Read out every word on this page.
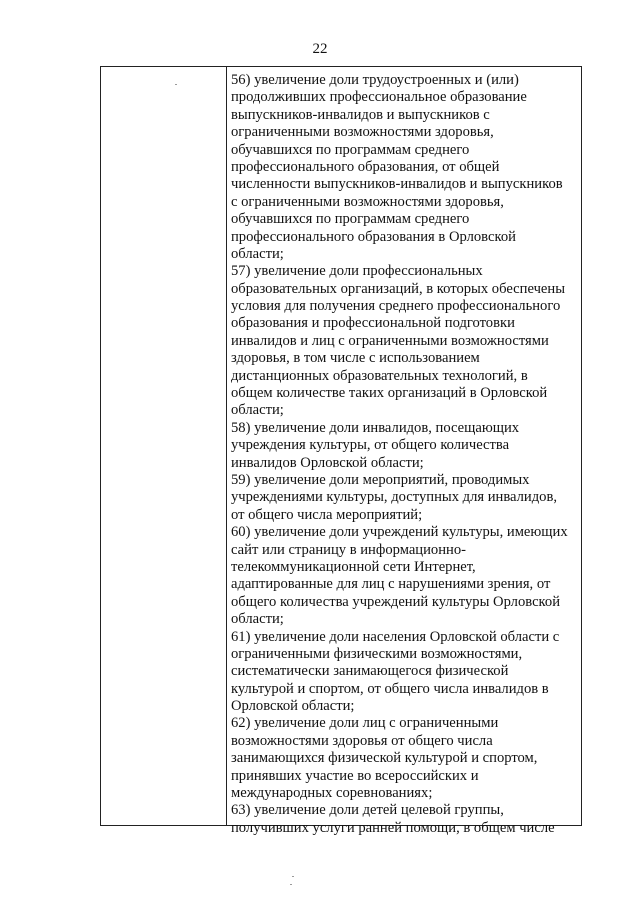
22
56) увеличение доли трудоустроенных и (или)
продолживших профессиональное образование
выпускников-инвалидов и выпускников с
ограниченными возможностями здоровья,
обучавшихся по программам среднего
профессионального образования, от общей
численности выпускников-инвалидов и выпускников
с ограниченными возможностями здоровья,
обучавшихся по программам среднего
профессионального образования в Орловской
области;
57) увеличение доли профессиональных
образовательных организаций, в которых обеспечены
условия для получения среднего профессионального
образования и профессиональной подготовки
инвалидов и лиц с ограниченными возможностями
здоровья, в том числе с использованием
дистанционных образовательных технологий, в
общем количестве таких организаций в Орловской
области;
58) увеличение доли инвалидов, посещающих
учреждения культуры, от общего количества
инвалидов Орловской области;
59) увеличение доли мероприятий, проводимых
учреждениями культуры, доступных для инвалидов,
от общего числа мероприятий;
60) увеличение доли учреждений культуры, имеющих
сайт или страницу в информационно-
телекоммуникационной сети Интернет,
адаптированные для лиц с нарушениями зрения, от
общего количества учреждений культуры Орловской
области;
61) увеличение доли населения Орловской области с
ограниченными физическими возможностями,
систематически занимающегося физической
культурой и спортом, от общего числа инвалидов в
Орловской области;
62) увеличение доли лиц с ограниченными
возможностями здоровья от общего числа
занимающихся физической культурой и спортом,
принявших участие во всероссийских и
международных соревнованиях;
63) увеличение доли детей целевой группы,
получивших услуги ранней помощи, в общем числе
